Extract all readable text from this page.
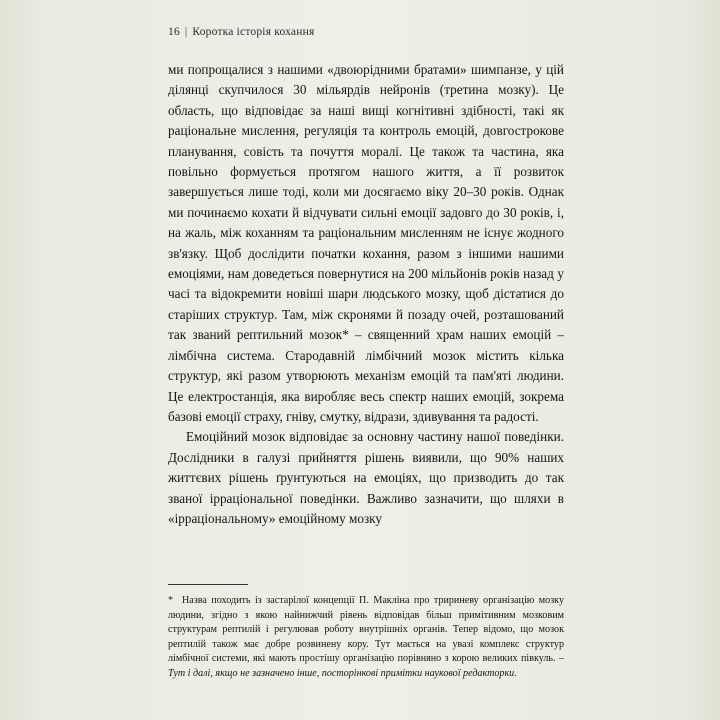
16 | Коротка історія кохання

ми попрощалися з нашими «двоюрідними братами» шимпанзе, у цій ділянці скупчилося 30 мільярдів нейронів (третина мозку). Це область, що відповідає за наші вищі когнітивні здібності, такі як раціональне мислення, регуляція та контроль емоцій, довгострокове планування, совість та почуття моралі. Це також та частина, яка повільно формується протягом нашого життя, а її розвиток завершується лише тоді, коли ми досягаємо віку 20–30 років. Однак ми починаємо кохати й відчувати сильні емоції задовго до 30 років, і, на жаль, між коханням та раціональним мисленням не існує жодного зв'язку. Щоб дослідити початки кохання, разом з іншими нашими емоціями, нам доведеться повернутися на 200 мільйонів років назад у часі та відокремити новіші шари людського мозку, щоб дістатися до старіших структур. Там, між скронями й позаду очей, розташований так званий рептильний мозок* – священний храм наших емоцій – лімбічна система. Стародавній лімбічний мозок містить кілька структур, які разом утворюють механізм емоцій та пам'яті людини. Це електростанція, яка виробляє весь спектр наших емоцій, зокрема базові емоції страху, гніву, смутку, відрази, здивування та радості.

Емоційний мозок відповідає за основну частину нашої поведінки. Дослідники в галузі прийняття рішень виявили, що 90% наших життєвих рішень ґрунтуються на емоціях, що призводить до так званої ірраціональної поведінки. Важливо зазначити, що шляхи в «ірраціональному» емоційному мозку

* Назва походить із застарілої концепції П. Макліна про тририневу організацію мозку людини, згідно з якою найнижчий рівень відповідав більш примітивним мозковим структурам рептилій і регулював роботу внутрішніх органів. Тепер відомо, що мозок рептилій також має добре розвинену кору. Тут мається на увазі комплекс структур лімбічної системи, які мають простішу організацію порівняно з корою великих півкуль. – Тут і далі, якщо не зазначено інше, посторінкові примітки наукової редакторки.
